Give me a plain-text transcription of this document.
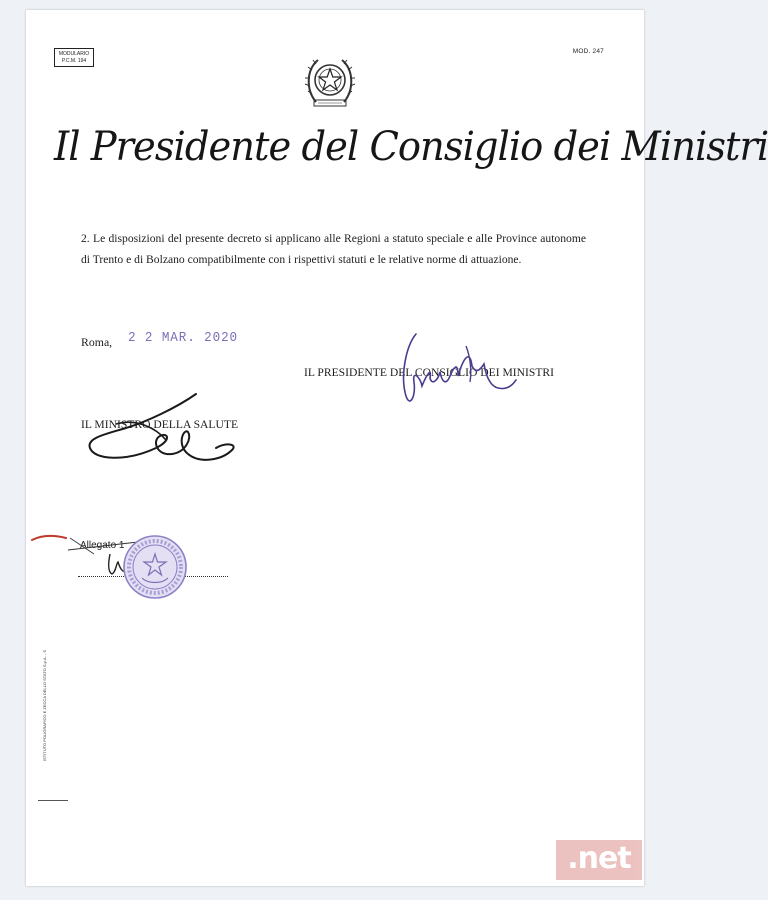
MODULARIO
P.C.M. 194
MOD. 247
Il Presidente del Consiglio dei Ministri
2. Le disposizioni del presente decreto si applicano alle Regioni a statuto speciale e alle Province autonome di Trento e di Bolzano compatibilmente con i rispettivi statuti e le relative norme di attuazione.
Roma, 2 2 MAR. 2020
IL PRESIDENTE DEL CONSIGLIO DEI MINISTRI
IL MINISTRO DELLA SALUTE
Allegato 1
ISTITUTO POLIGRAFICO E ZECCA DELLO STATO S.p.A. - S
.net
